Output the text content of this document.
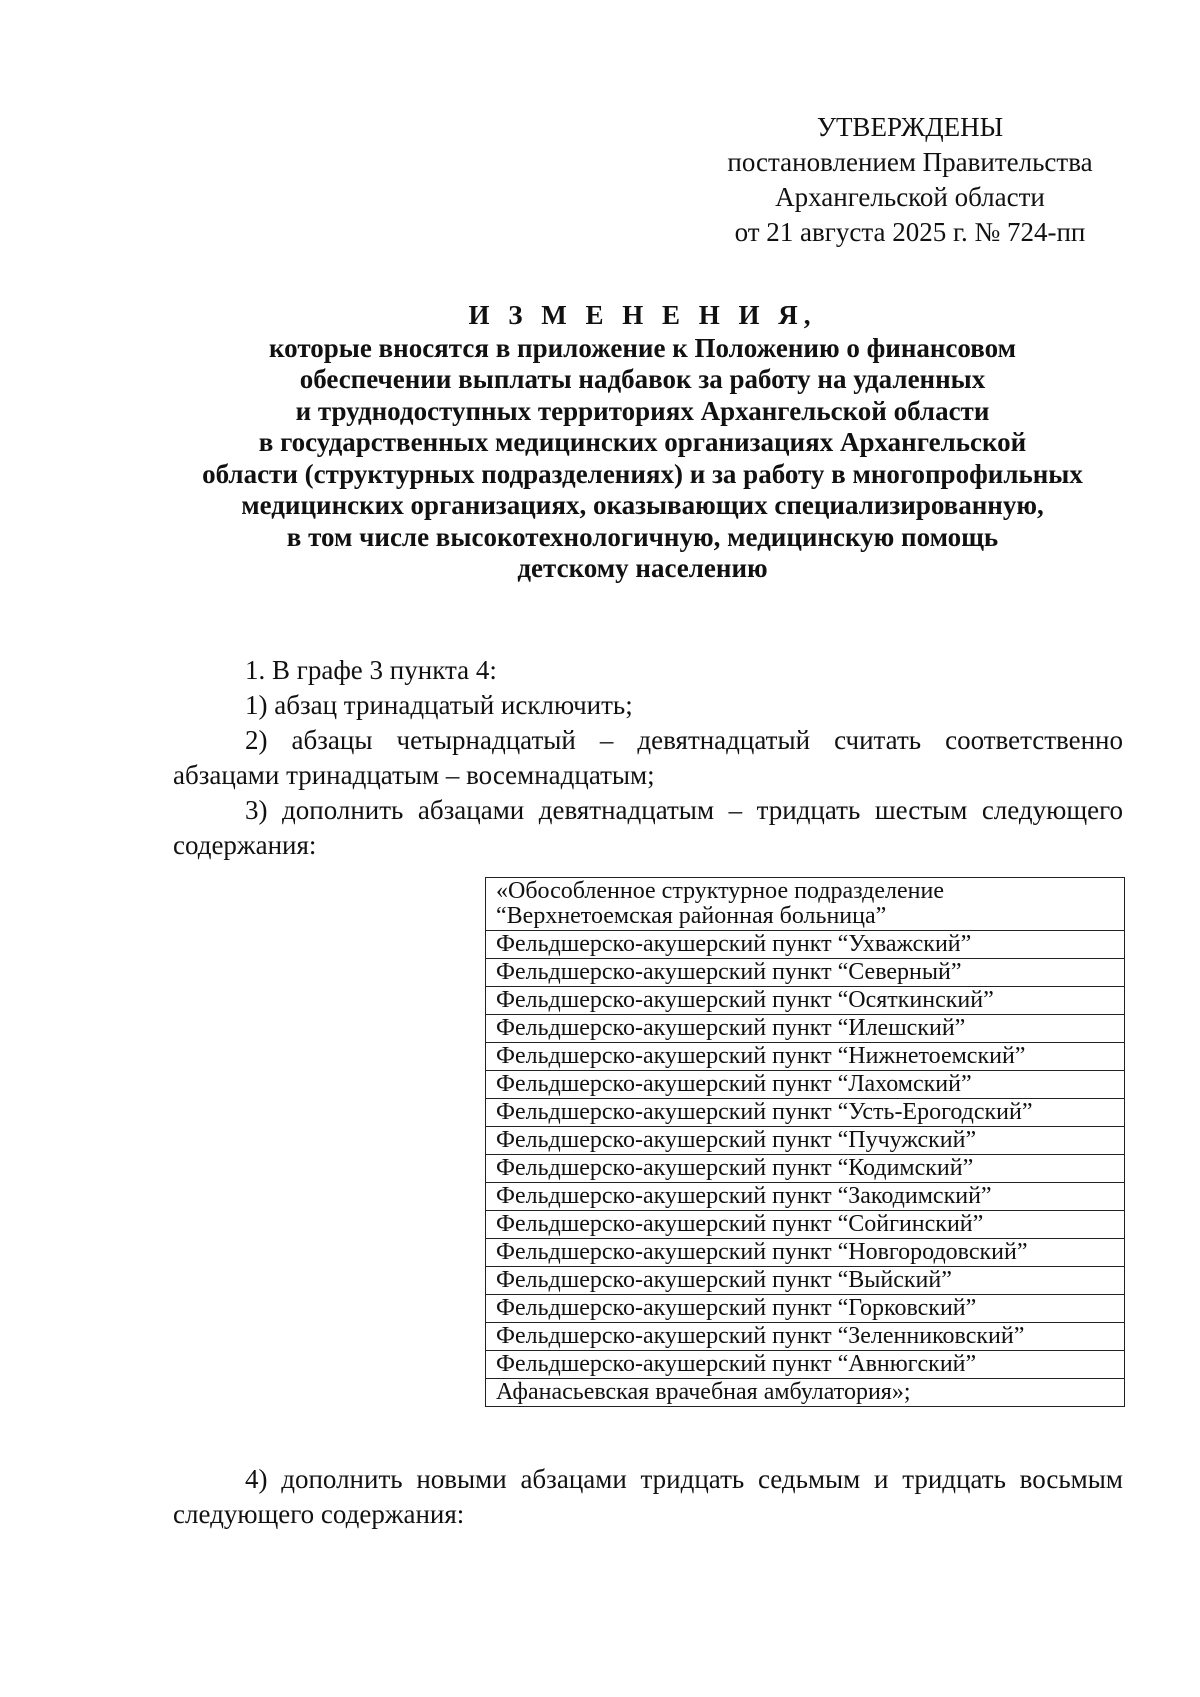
УТВЕРЖДЕНЫ
постановлением Правительства
Архангельской области
от 21 августа 2025 г. № 724-пп
И З М Е Н Е Н И Я,
которые вносятся в приложение к Положению о финансовом
обеспечении выплаты надбавок за работу на удаленных
и труднодоступных территориях Архангельской области
в государственных медицинских организациях Архангельской
области (структурных подразделениях) и за работу в многопрофильных
медицинских организациях, оказывающих специализированную,
в том числе высокотехнологичную, медицинскую помощь
детскому населению

1. В графе 3 пункта 4:

1) абзац тринадцатый исключить;

2) абзацы четырнадцатый – девятнадцатый считать соответственно абзацами тринадцатым – восемнадцатым;

3) дополнить абзацами девятнадцатым – тридцать шестым следующего содержания:

«Обособленное структурное подразделение
“Верхнетоемская районная больница”

Фельдшерско-акушерский пункт “Ухважский”
Фельдшерско-акушерский пункт “Северный”
Фельдшерско-акушерский пункт “Осяткинский”
Фельдшерско-акушерский пункт “Илешский”
Фельдшерско-акушерский пункт “Нижнетоемский”
Фельдшерско-акушерский пункт “Лахомский”
Фельдшерско-акушерский пункт “Усть-Ерогодский”
Фельдшерско-акушерский пункт “Пучужский”
Фельдшерско-акушерский пункт “Кодимский”
Фельдшерско-акушерский пункт “Закодимский”
Фельдшерско-акушерский пункт “Сойгинский”
Фельдшерско-акушерский пункт “Новгородовский”
Фельдшерско-акушерский пункт “Выйский”
Фельдшерско-акушерский пункт “Горковский”
Фельдшерско-акушерский пункт “Зеленниковский”
Фельдшерско-акушерский пункт “Авнюгский”
Афанасьевская врачебная амбулатория»;

4) дополнить новыми абзацами тридцать седьмым и тридцать восьмым следующего содержания:
